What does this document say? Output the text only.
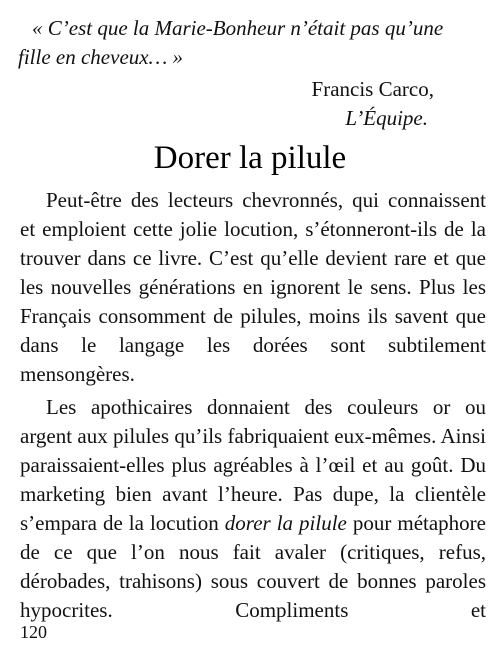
« C’est que la Marie-Bonheur n’était pas qu’une
fille en cheveux… »
Francis Carco,
L’Équipe.
Dorer la pilule

Peut-être des lecteurs chevronnés, qui connaissent et emploient cette jolie locution, s’étonneront-ils de la trouver dans ce livre. C’est qu’elle devient rare et que les nouvelles générations en ignorent le sens. Plus les Français consomment de pilules, moins ils savent que dans le langage les dorées sont subtilement mensongères.

Les apothicaires donnaient des couleurs or ou argent aux pilules qu’ils fabriquaient eux-mêmes. Ainsi paraissaient-elles plus agréables à l’œil et au goût. Du marketing bien avant l’heure. Pas dupe, la clientèle s’empara de la locution dorer la pilule pour métaphore de ce que l’on nous fait avaler (critiques, refus, dérobades, trahisons) sous couvert de bonnes paroles hypocrites. Compliments et

120
